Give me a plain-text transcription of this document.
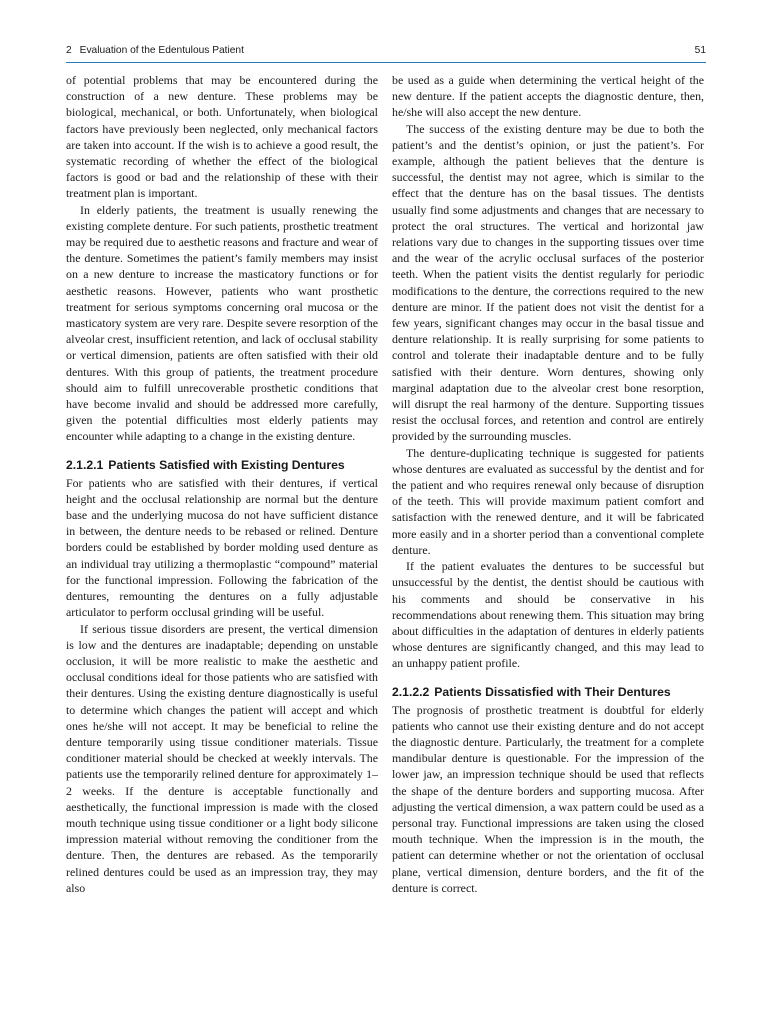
2 Evaluation of the Edentulous Patient	51

of potential problems that may be encountered during the construction of a new denture. These problems may be biological, mechanical, or both. Unfortunately, when biological factors have previously been neglected, only mechanical factors are taken into account. If the wish is to achieve a good result, the systematic recording of whether the effect of the biological factors is good or bad and the relationship of these with their treatment plan is important.

In elderly patients, the treatment is usually renewing the existing complete denture. For such patients, prosthetic treatment may be required due to aesthetic reasons and fracture and wear of the denture. Sometimes the patient’s family members may insist on a new denture to increase the masticatory functions or for aesthetic reasons. However, patients who want prosthetic treatment for serious symptoms concerning oral mucosa or the masticatory system are very rare. Despite severe resorption of the alveolar crest, insufficient retention, and lack of occlusal stability or vertical dimension, patients are often satisfied with their old dentures. With this group of patients, the treatment procedure should aim to fulfill unrecoverable prosthetic conditions that have become invalid and should be addressed more carefully, given the potential difficulties most elderly patients may encounter while adapting to a change in the existing denture.

2.1.2.1 Patients Satisfied with Existing Dentures

For patients who are satisfied with their dentures, if vertical height and the occlusal relationship are normal but the denture base and the underlying mucosa do not have sufficient distance in between, the denture needs to be rebased or relined. Denture borders could be established by border molding used denture as an individual tray utilizing a thermoplastic “compound” material for the functional impression. Following the fabrication of the dentures, remounting the dentures on a fully adjustable articulator to perform occlusal grinding will be useful.

If serious tissue disorders are present, the vertical dimension is low and the dentures are inadaptable; depending on unstable occlusion, it will be more realistic to make the aesthetic and occlusal conditions ideal for those patients who are satisfied with their dentures. Using the existing denture diagnostically is useful to determine which changes the patient will accept and which ones he/she will not accept. It may be beneficial to reline the denture temporarily using tissue conditioner materials. Tissue conditioner material should be checked at weekly intervals. The patients use the temporarily relined denture for approximately 1–2 weeks. If the denture is acceptable functionally and aesthetically, the functional impression is made with the closed mouth technique using tissue conditioner or a light body silicone impression material without removing the conditioner from the denture. Then, the dentures are rebased. As the temporarily relined dentures could be used as an impression tray, they may also

be used as a guide when determining the vertical height of the new denture. If the patient accepts the diagnostic denture, then, he/she will also accept the new denture.

The success of the existing denture may be due to both the patient’s and the dentist’s opinion, or just the patient’s. For example, although the patient believes that the denture is successful, the dentist may not agree, which is similar to the effect that the denture has on the basal tissues. The dentists usually find some adjustments and changes that are necessary to protect the oral structures. The vertical and horizontal jaw relations vary due to changes in the supporting tissues over time and the wear of the acrylic occlusal surfaces of the posterior teeth. When the patient visits the dentist regularly for periodic modifications to the denture, the corrections required to the new denture are minor. If the patient does not visit the dentist for a few years, significant changes may occur in the basal tissue and denture relationship. It is really surprising for some patients to control and tolerate their inadaptable denture and to be fully satisfied with their denture. Worn dentures, showing only marginal adaptation due to the alveolar crest bone resorption, will disrupt the real harmony of the denture. Supporting tissues resist the occlusal forces, and retention and control are entirely provided by the surrounding muscles.

The denture-duplicating technique is suggested for patients whose dentures are evaluated as successful by the dentist and for the patient and who requires renewal only because of disruption of the teeth. This will provide maximum patient comfort and satisfaction with the renewed denture, and it will be fabricated more easily and in a shorter period than a conventional complete denture.

If the patient evaluates the dentures to be successful but unsuccessful by the dentist, the dentist should be cautious with his comments and should be conservative in his recommendations about renewing them. This situation may bring about difficulties in the adaptation of dentures in elderly patients whose dentures are significantly changed, and this may lead to an unhappy patient profile.

2.1.2.2 Patients Dissatisfied with Their Dentures

The prognosis of prosthetic treatment is doubtful for elderly patients who cannot use their existing denture and do not accept the diagnostic denture. Particularly, the treatment for a complete mandibular denture is questionable. For the impression of the lower jaw, an impression technique should be used that reflects the shape of the denture borders and supporting mucosa. After adjusting the vertical dimension, a wax pattern could be used as a personal tray. Functional impressions are taken using the closed mouth technique. When the impression is in the mouth, the patient can determine whether or not the orientation of occlusal plane, vertical dimension, denture borders, and the fit of the denture is correct.
